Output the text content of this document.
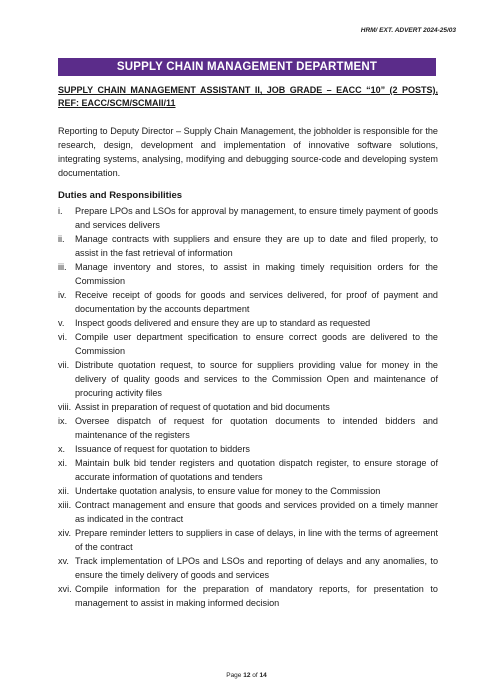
HRM/ EXT. ADVERT 2024-25/03
SUPPLY CHAIN MANAGEMENT DEPARTMENT
SUPPLY CHAIN MANAGEMENT ASSISTANT II, JOB GRADE – EACC “10” (2 POSTS), REF: EACC/SCM/SCMAII/11
Reporting to Deputy Director – Supply Chain Management, the jobholder is responsible for the research, design, development and implementation of innovative software solutions, integrating systems, analysing, modifying and debugging source-code and developing system documentation.
Duties and Responsibilities
i.	Prepare LPOs and LSOs for approval by management, to ensure timely payment of goods and services delivers
ii.	Manage contracts with suppliers and ensure they are up to date and filed properly, to assist in the fast retrieval of information
iii. Manage inventory and stores, to assist in making timely requisition orders for the Commission
iv. Receive receipt of goods for goods and services delivered, for proof of payment and documentation by the accounts department
v.	Inspect goods delivered and ensure they are up to standard as requested
vi. Compile user department specification to ensure correct goods are delivered to the Commission
vii. Distribute quotation request, to source for suppliers providing value for money in the delivery of quality goods and services to the Commission Open and maintenance of procuring activity files
viii. Assist in preparation of request of quotation and bid documents
ix. Oversee dispatch of request for quotation documents to intended bidders and maintenance of the registers
x.	Issuance of request for quotation to bidders
xi. Maintain bulk bid tender registers and quotation dispatch register, to ensure storage of accurate information of quotations and tenders
xii. Undertake quotation analysis, to ensure value for money to the Commission
xiii. Contract management and ensure that goods and services provided on a timely manner as indicated in the contract
xiv. Prepare reminder letters to suppliers in case of delays, in line with the terms of agreement of the contract
xv. Track implementation of LPOs and LSOs and reporting of delays and any anomalies, to ensure the timely delivery of goods and services
xvi. Compile information for the preparation of mandatory reports, for presentation to management to assist in making informed decision
Page 12 of 14
